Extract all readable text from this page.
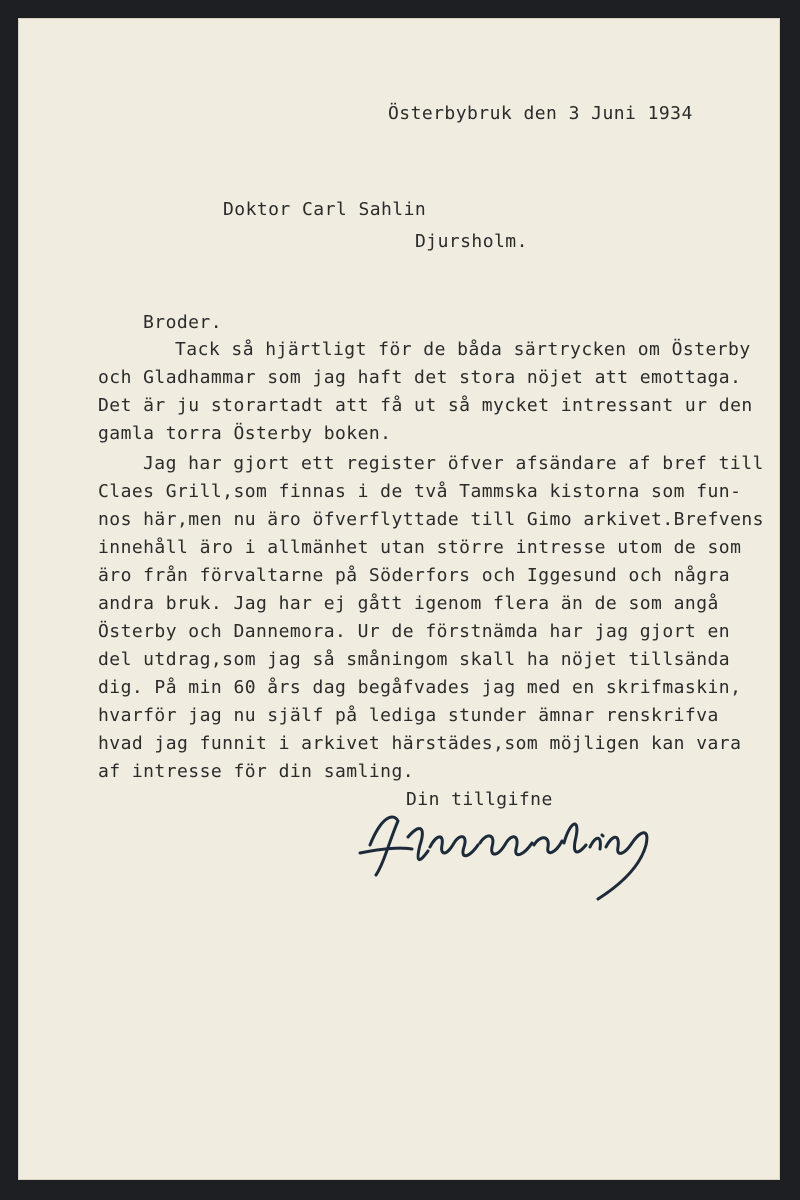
Österbybruk den 3 Juni 1934
Doktor Carl Sahlin
Djursholm.
Broder.
Tack så hjärtligt för de båda särtrycken om Österby
och Gladhammar som jag haft det stora nöjet att emottaga.
Det är ju storartadt att få ut så mycket intressant ur den
gamla torra Österby boken.
Jag har gjort ett register öfver afsändare af bref till
Claes Grill,som finnas i de två Tammska kistorna som fun-
nos här,men nu äro öfverflyttade till Gimo arkivet.Brefvens
innehåll äro i allmänhet utan större intresse utom de som
äro från förvaltarne på Söderfors och Iggesund och några
andra bruk. Jag har ej gått igenom flera än de som angå
Österby och Dannemora. Ur de förstnämda har jag gjort en
del utdrag,som jag så småningom skall ha nöjet tillsända
dig. På min 60 års dag begåfvades jag med en skrifmaskin,
hvarför jag nu själf på lediga stunder ämnar renskrifva
hvad jag funnit i arkivet härstädes,som möjligen kan vara
af intresse för din samling.
Din tillgifne
